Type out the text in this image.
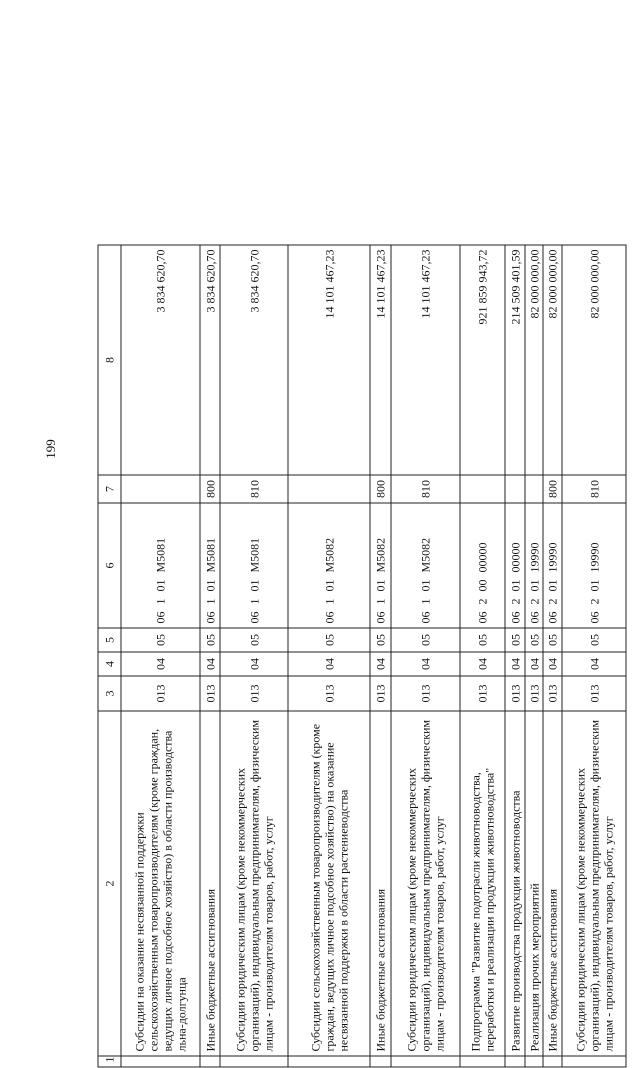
199
1	2	3	4	5	6	7	8
	Субсидии на оказание несвязанной поддержки сельскохозяйственным товаропроизводителям (кроме граждан, ведущих личное подсобное хозяйство) в области производства льна-долгунца	013	04	05	06 1 01 M5081		3 834 620,70
	Иные бюджетные ассигнования	013	04	05	06 1 01 M5081	800	3 834 620,70
	Субсидии юридическим лицам (кроме некоммерческих организаций), индивидуальным предпринимателям, физическим лицам - производителям товаров, работ, услуг	013	04	05	06 1 01 M5081	810	3 834 620,70
	Субсидии сельскохозяйственным товаропроизводителям (кроме граждан, ведущих личное подсобное хозяйство) на оказание несвязанной поддержки в области растениеводства	013	04	05	06 1 01 M5082		14 101 467,23
	Иные бюджетные ассигнования	013	04	05	06 1 01 M5082	800	14 101 467,23
	Субсидии юридическим лицам (кроме некоммерческих организаций), индивидуальным предпринимателям, физическим лицам - производителям товаров, работ, услуг	013	04	05	06 1 01 M5082	810	14 101 467,23
	Подпрограмма "Развитие подотрасли животноводства, переработки и реализации продукции животноводства"	013	04	05	06 2 00 00000		921 859 943,72
	Развитие производства продукции животноводства	013	04	05	06 2 01 00000		214 509 401,59
	Реализация прочих мероприятий	013	04	05	06 2 01 19990		82 000 000,00
	Иные бюджетные ассигнования	013	04	05	06 2 01 19990	800	82 000 000,00
	Субсидии юридическим лицам (кроме некоммерческих организаций), индивидуальным предпринимателям, физическим лицам - производителям товаров, работ, услуг	013	04	05	06 2 01 19990	810	82 000 000,00
